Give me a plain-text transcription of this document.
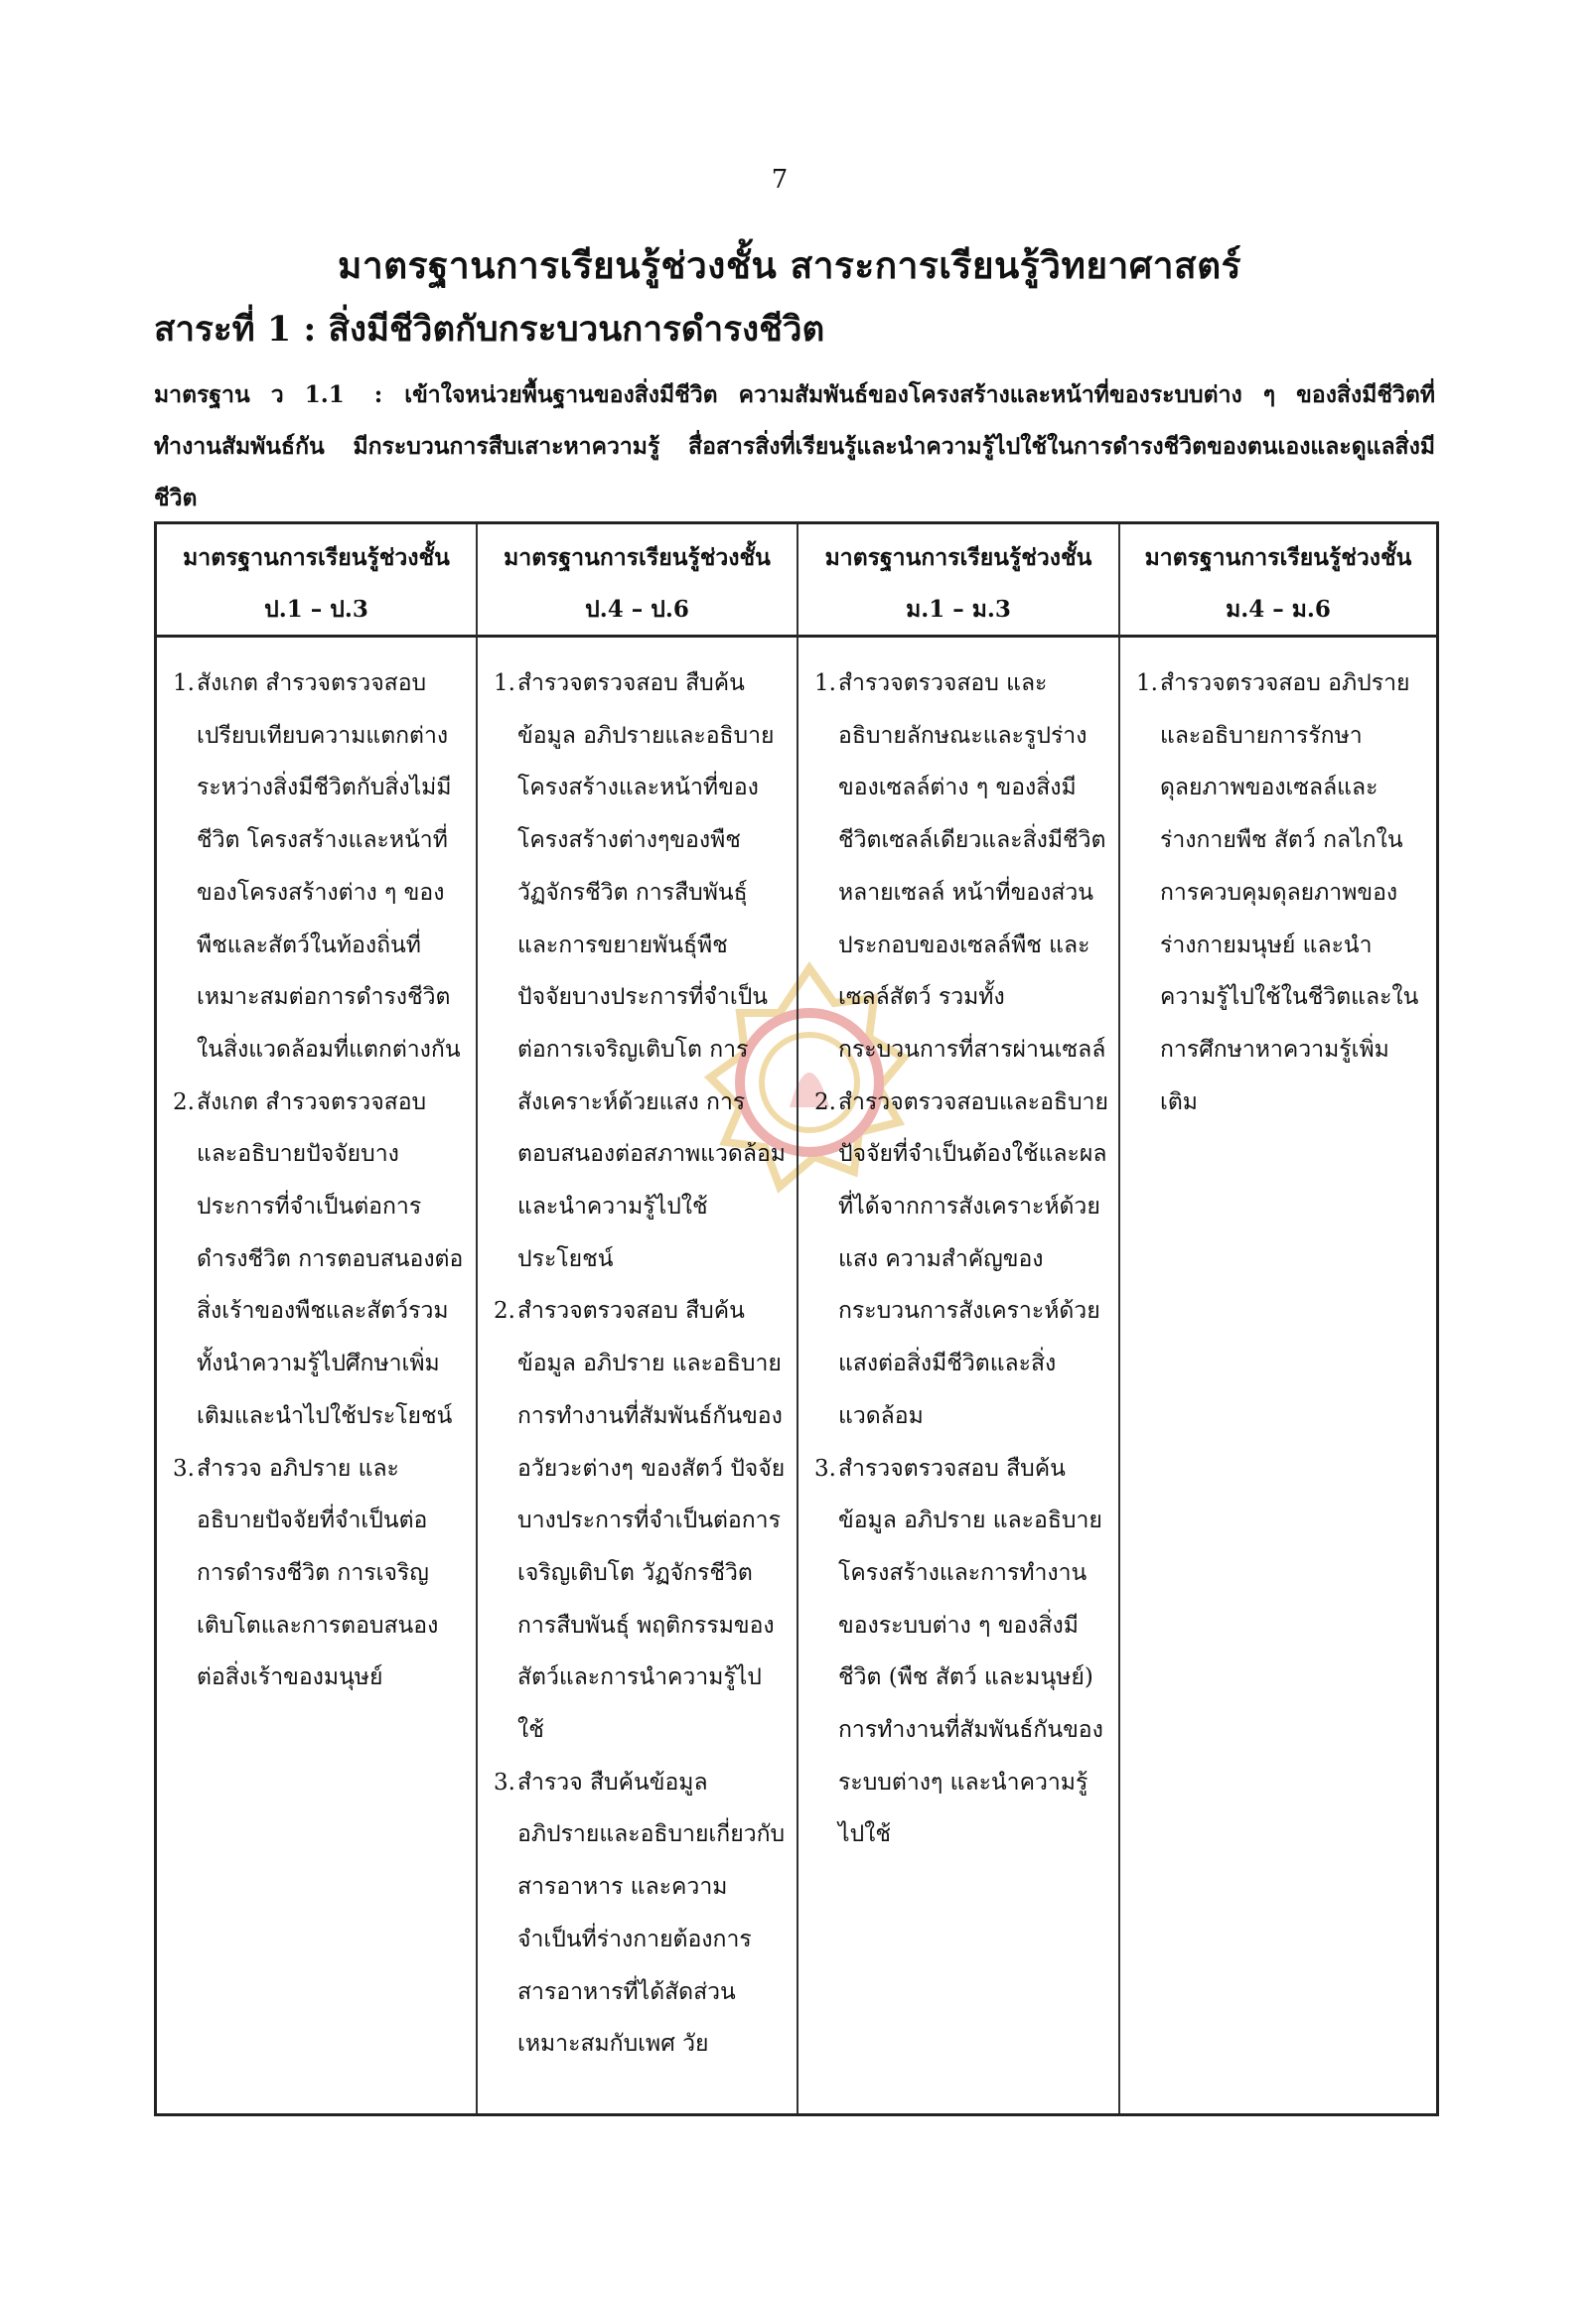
7
มาตรฐานการเรียนรู้ช่วงชั้น สาระการเรียนรู้วิทยาศาสตร์
สาระที่ 1 : สิ่งมีชีวิตกับกระบวนการดำรงชีวิต
มาตรฐาน ว 1.1 : เข้าใจหน่วยพื้นฐานของสิ่งมีชีวิต ความสัมพันธ์ของโครงสร้างและหน้าที่ของระบบต่าง ๆ ของสิ่งมีชีวิตที่ทำงานสัมพันธ์กัน มีกระบวนการสืบเสาะหาความรู้ สื่อสารสิ่งที่เรียนรู้และนำความรู้ไปใช้ในการดำรงชีวิตของตนเองและดูแลสิ่งมีชีวิต
มาตรฐานการเรียนรู้ช่วงชั้น
ป.1 – ป.3
มาตรฐานการเรียนรู้ช่วงชั้น
ป.4 – ป.6
มาตรฐานการเรียนรู้ช่วงชั้น
ม.1 – ม.3
มาตรฐานการเรียนรู้ช่วงชั้น
ม.4 – ม.6

1.สังเกต สำรวจตรวจสอบ เปรียบเทียบความแตกต่างระหว่างสิ่งมีชีวิตกับสิ่งไม่มีชีวิต โครงสร้างและหน้าที่ของโครงสร้างต่าง ๆ ของพืชและสัตว์ในท้องถิ่นที่เหมาะสมต่อการดำรงชีวิตในสิ่งแวดล้อมที่แตกต่างกัน

2.สังเกต สำรวจตรวจสอบและอธิบายปัจจัยบางประการที่จำเป็นต่อการดำรงชีวิต การตอบสนองต่อสิ่งเร้าของพืชและสัตว์รวมทั้งนำความรู้ไปศึกษาเพิ่มเติมและนำไปใช้ประโยชน์

3.สำรวจ อภิปราย และอธิบายปัจจัยที่จำเป็นต่อการดำรงชีวิต การเจริญเติบโตและการตอบสนองต่อสิ่งเร้าของมนุษย์

1.สำรวจตรวจสอบ สืบค้นข้อมูล อภิปรายและอธิบายโครงสร้างและหน้าที่ของโครงสร้างต่างๆของพืช วัฏจักรชีวิต การสืบพันธุ์และการขยายพันธุ์พืช ปัจจัยบางประการที่จำเป็นต่อการเจริญเติบโต การสังเคราะห์ด้วยแสง การตอบสนองต่อสภาพแวดล้อม และนำความรู้ไปใช้ประโยชน์

2.สำรวจตรวจสอบ สืบค้นข้อมูล อภิปราย และอธิบายการทำงานที่สัมพันธ์กันของอวัยวะต่างๆ ของสัตว์ ปัจจัยบางประการที่จำเป็นต่อการเจริญเติบโต วัฏจักรชีวิต การสืบพันธุ์ พฤติกรรมของสัตว์และการนำความรู้ไปใช้

3.สำรวจ สืบค้นข้อมูล อภิปรายและอธิบายเกี่ยวกับสารอาหาร และความจำเป็นที่ร่างกายต้องการสารอาหารที่ได้สัดส่วนเหมาะสมกับเพศ วัย

1.สำรวจตรวจสอบ และอธิบายลักษณะและรูปร่างของเซลล์ต่าง ๆ ของสิ่งมีชีวิตเซลล์เดียวและสิ่งมีชีวิตหลายเซลล์ หน้าที่ของส่วนประกอบของเซลล์พืช และเซลล์สัตว์ รวมทั้งกระบวนการที่สารผ่านเซลล์

2.สำรวจตรวจสอบและอธิบายปัจจัยที่จำเป็นต้องใช้และผลที่ได้จากการสังเคราะห์ด้วยแสง ความสำคัญของกระบวนการสังเคราะห์ด้วยแสงต่อสิ่งมีชีวิตและสิ่งแวดล้อม

3.สำรวจตรวจสอบ สืบค้นข้อมูล อภิปราย และอธิบายโครงสร้างและการทำงานของระบบต่าง ๆ ของสิ่งมีชีวิต (พืช สัตว์ และมนุษย์) การทำงานที่สัมพันธ์กันของระบบต่างๆ และนำความรู้ไปใช้

1.สำรวจตรวจสอบ อภิปราย และอธิบายการรักษาดุลยภาพของเซลล์และร่างกายพืช สัตว์ กลไกในการควบคุมดุลยภาพของร่างกายมนุษย์ และนำความรู้ไปใช้ในชีวิตและในการศึกษาหาความรู้เพิ่มเติม
